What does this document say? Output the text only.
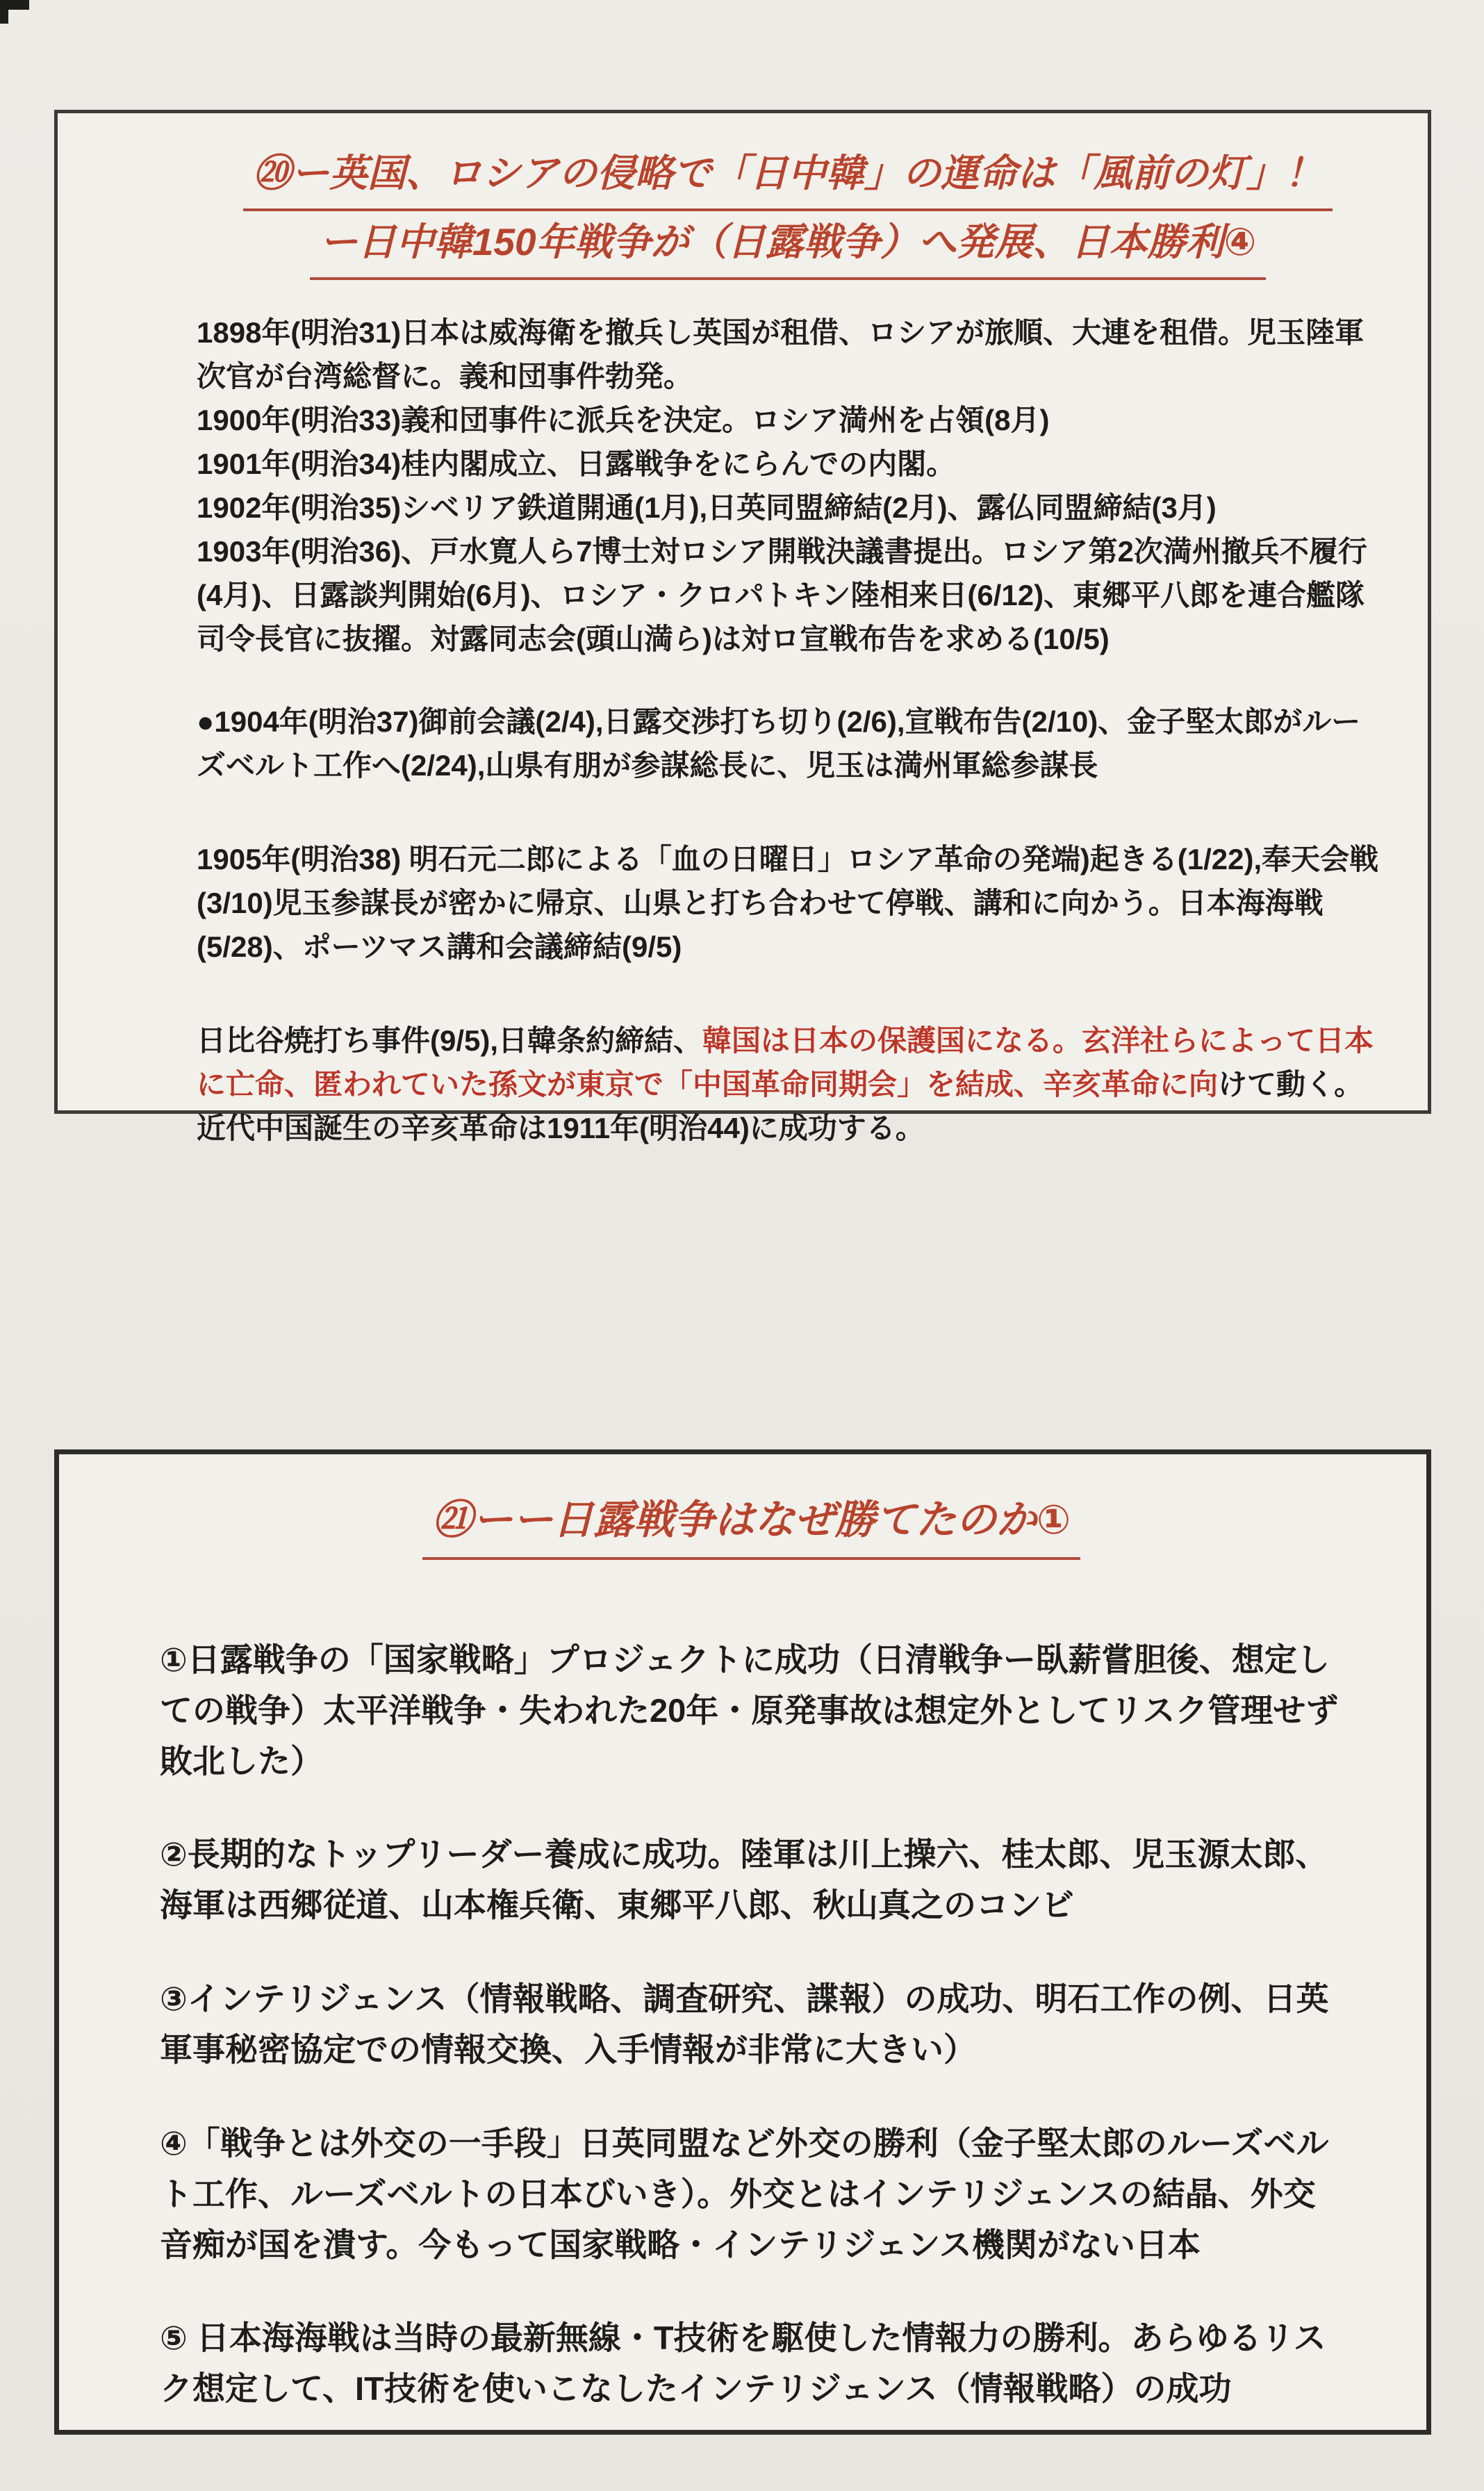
⑳ー英国、ロシアの侵略で「日中韓」の運命は「風前の灯」！
ー日中韓150年戦争が（日露戦争）へ発展、日本勝利④

1898年(明治31)日本は威海衛を撤兵し英国が租借、ロシアが旅順、大連を租借。児玉陸軍次官が台湾総督に。義和団事件勃発。

1900年(明治33)義和団事件に派兵を決定。ロシア満州を占領(8月)

1901年(明治34)桂内閣成立、日露戦争をにらんでの内閣。

1902年(明治35)シベリア鉄道開通(1月),日英同盟締結(2月)、露仏同盟締結(3月)

1903年(明治36)、戸水寛人ら7博士対ロシア開戦決議書提出。ロシア第2次満州撤兵不履行(4月)、日露談判開始(6月)、ロシア・クロパトキン陸相来日(6/12)、東郷平八郎を連合艦隊司令長官に抜擢。対露同志会(頭山満ら)は対ロ宣戦布告を求める(10/5)

●1904年(明治37)御前会議(2/4),日露交渉打ち切り(2/6),宣戦布告(2/10)、金子堅太郎がルーズベルト工作へ(2/24),山県有朋が参謀総長に、児玉は満州軍総参謀長

1905年(明治38) 明石元二郎による「血の日曜日」ロシア革命の発端)起きる(1/22),奉天会戦(3/10)児玉参謀長が密かに帰京、山県と打ち合わせて停戦、講和に向かう。日本海海戦(5/28)、ポーツマス講和会議締結(9/5)

日比谷焼打ち事件(9/5),日韓条約締結、韓国は日本の保護国になる。玄洋社らによって日本に亡命、匿われていた孫文が東京で「中国革命同期会」を結成、辛亥革命に向けて動く。近代中国誕生の辛亥革命は1911年(明治44)に成功する。

㉑ーー日露戦争はなぜ勝てたのか①

①日露戦争の「国家戦略」プロジェクトに成功（日清戦争ー臥薪嘗胆後、想定しての戦争）太平洋戦争・失われた20年・原発事故は想定外としてリスク管理せず敗北した）

②長期的なトップリーダー養成に成功。陸軍は川上操六、桂太郎、児玉源太郎、海軍は西郷従道、山本権兵衛、東郷平八郎、秋山真之のコンビ

③インテリジェンス（情報戦略、調査研究、諜報）の成功、明石工作の例、日英軍事秘密協定での情報交換、入手情報が非常に大きい）

④「戦争とは外交の一手段」日英同盟など外交の勝利（金子堅太郎のルーズベルト工作、ルーズベルトの日本びいき）。外交とはインテリジェンスの結晶、外交音痴が国を潰す。今もって国家戦略・インテリジェンス機関がない日本

⑤ 日本海海戦は当時の最新無線・T技術を駆使した情報力の勝利。あらゆるリスク想定して、IT技術を使いこなしたインテリジェンス（情報戦略）の成功
